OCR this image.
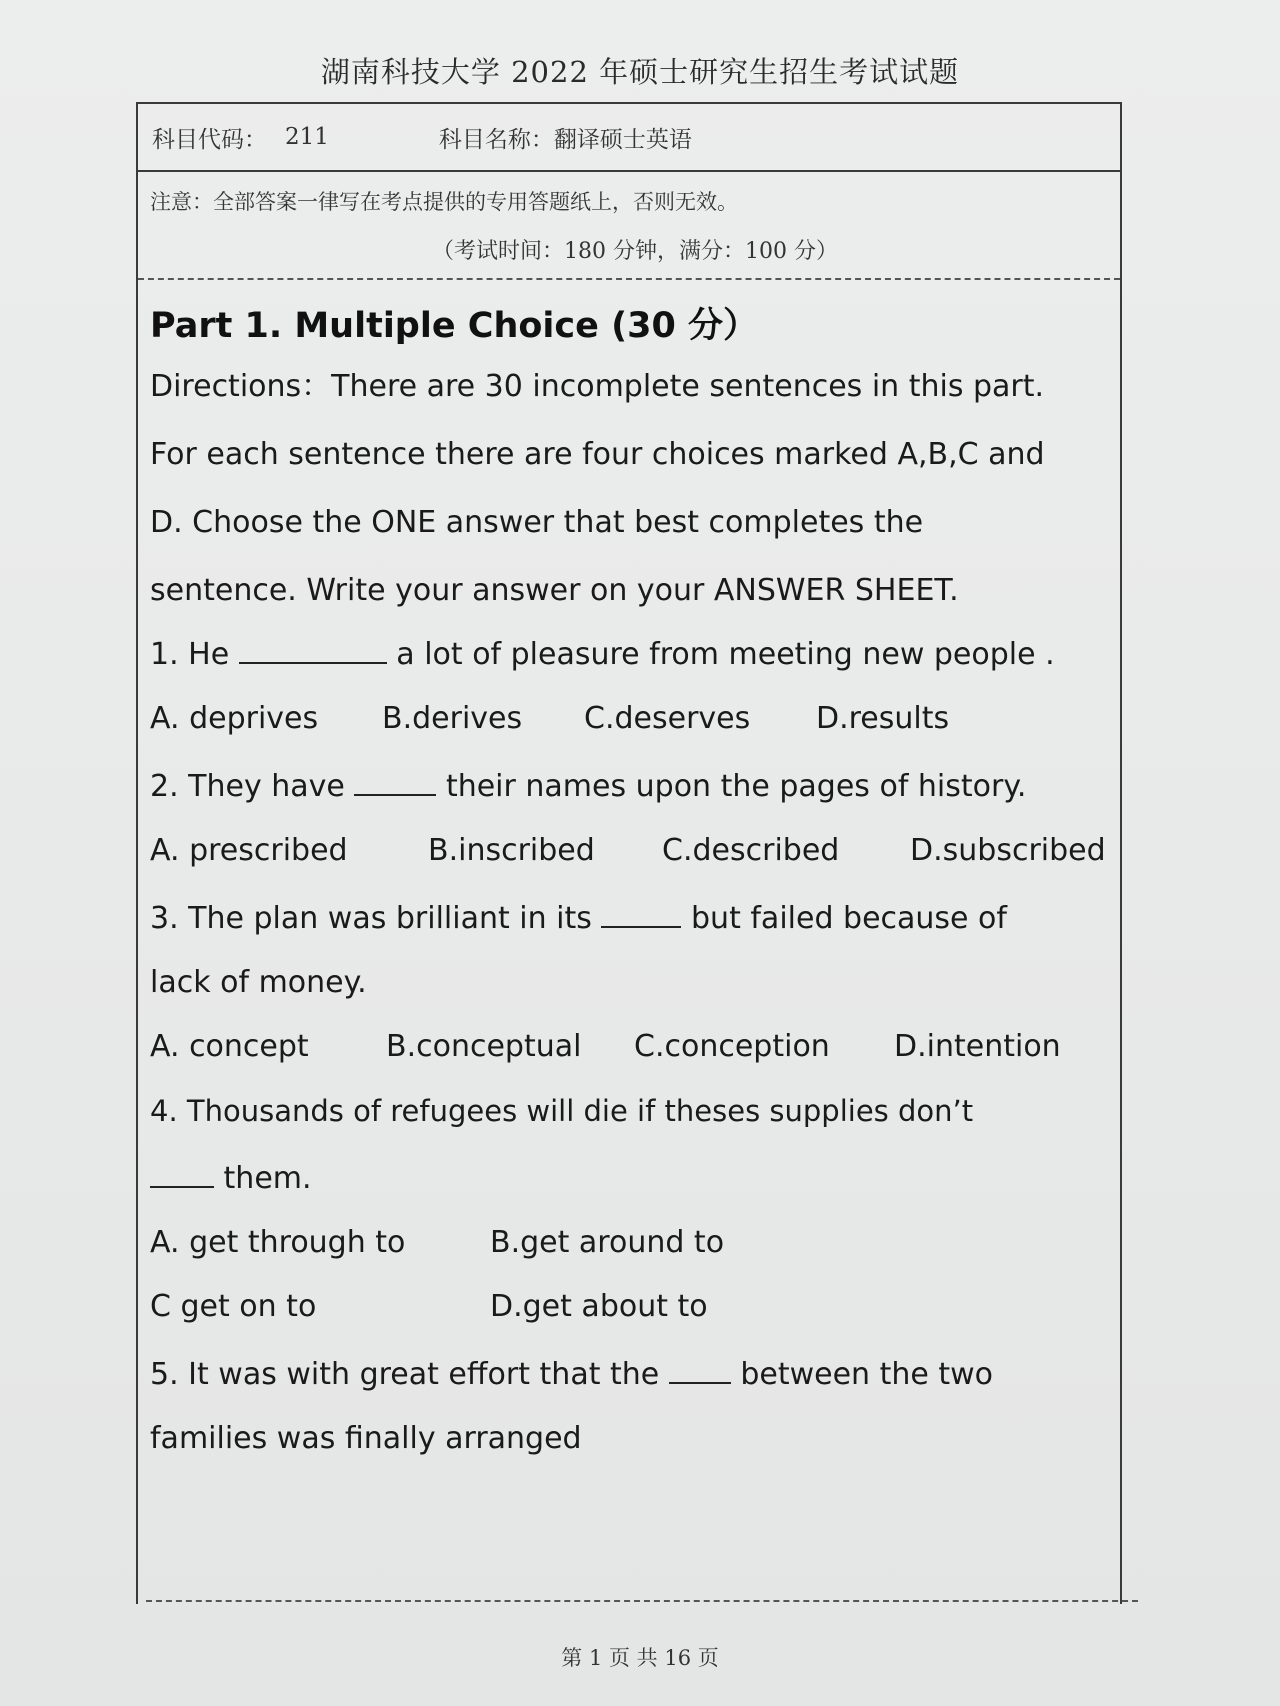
湖南科技大学 2022 年硕士研究生招生考试试题
科目代码： 211	科目名称：翻译硕士英语
注意：全部答案一律写在考点提供的专用答题纸上，否则无效。
（考试时间：180 分钟，满分：100 分）
Part 1. Multiple Choice (30 分）
Directions：There are 30 incomplete sentences in this part.
For each sentence there are four choices marked A,B,C and
D. Choose the ONE answer that best completes the
sentence. Write your answer on your ANSWER SHEET.
1. He	a lot of pleasure from meeting new people .
A. deprives	B.derives	C.deserves	D.results
2. They have	their names upon the pages of history.
A. prescribed	B.inscribed	C.described	D.subscribed
3. The plan was brilliant in its	but failed because of
lack of money.
A. concept	B.conceptual	C.conception	D.intention
4. Thousands of refugees will die if theses supplies don’t
them.
A. get through to	B.get around to
C get on to	D.get about to
5. It was with great effort that the	between the two
families was finally arranged
第 1 页 共 16 页
